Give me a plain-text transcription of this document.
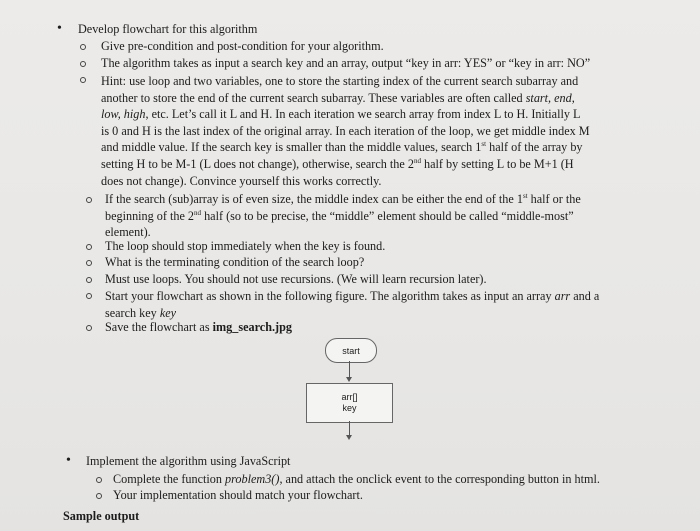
• Develop flowchart for this algorithm
Give pre-condition and post-condition for your algorithm.
The algorithm takes as input a search key and an array, output “key in arr: YES” or “key in arr: NO”
Hint: use loop and two variables, one to store the starting index of the current search subarray and
another to store the end of the current search subarray. These variables are often called start, end,
low, high, etc. Let’s call it L and H. In each iteration we search array from index L to H. Initially L
is 0 and H is the last index of the original array. In each iteration of the loop, we get middle index M
and middle value. If the search key is smaller than the middle values, search 1st half of the array by
setting H to be M-1 (L does not change), otherwise, search the 2nd half by setting L to be M+1 (H
does not change). Convince yourself this works correctly.
If the search (sub)array is of even size, the middle index can be either the end of the 1st half or the
beginning of the 2nd half (so to be precise, the “middle” element should be called “middle-most”
element).
The loop should stop immediately when the key is found.
What is the terminating condition of the search loop?
Must use loops. You should not use recursions. (We will learn recursion later).
Start your flowchart as shown in the following figure. The algorithm takes as input an array arr and a
search key key
Save the flowchart as img_search.jpg
start
arr[]
key
• Implement the algorithm using JavaScript
Complete the function problem3(), and attach the onclick event to the corresponding button in html.
Your implementation should match your flowchart.
Sample output
